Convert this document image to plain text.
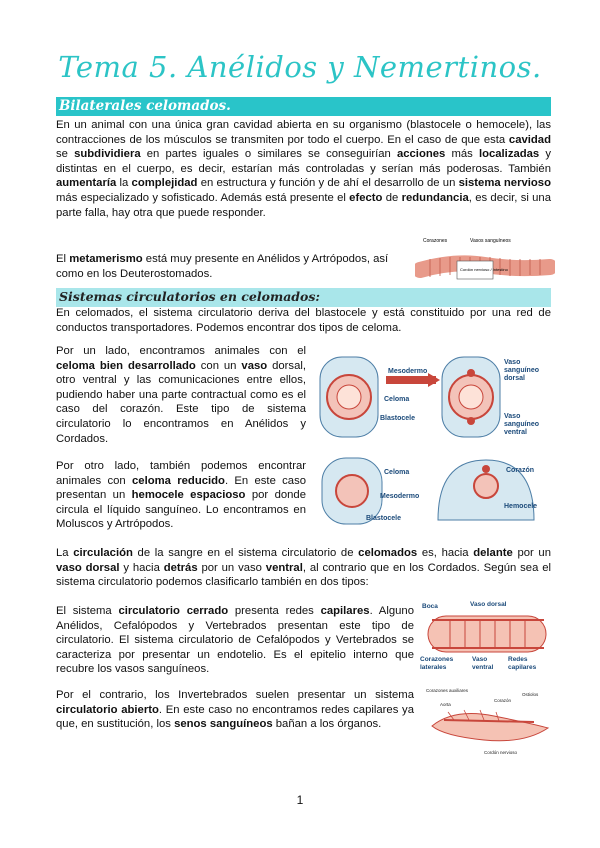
Tema 5. Anélidos y Nemertinos.
Bilaterales celomados.
En un animal con una única gran cavidad abierta en su organismo (blastocele o hemocele), las contracciones de los músculos se transmiten por todo el cuerpo. En el caso de que esta cavidad se subdividiera en partes iguales o similares se conseguirían acciones más localizadas y distintas en el cuerpo, es decir, estarían más controladas y serían más poderosas. También aumentaría la complejidad en estructura y función y de ahí el desarrollo de un sistema nervioso más especializado y sofisticado. Además está presente el efecto de redundancia, es decir, si una parte falla, hay otra que puede responder.
El metamerismo está muy presente en Anélidos y Artrópodos, así como en los Deuterostomados.
Corazones	Vasos sanguíneos
Cordón nervioso / Intestino
Sistemas circulatorios en celomados:
En celomados, el sistema circulatorio deriva del blastocele y está constituido por una red de conductos transportadores. Podemos encontrar dos tipos de celoma.
Por un lado, encontramos animales con el celoma bien desarrollado con un vaso dorsal, otro ventral y las comunicaciones entre ellos, pudiendo haber una parte contractual como es el caso del corazón. Este tipo de sistema circulatorio lo encontramos en Anélidos y Cordados.
Mesodermo
Celoma
Blastocele
Vaso sanguíneo dorsal
Vaso sanguíneo ventral
Por otro lado, también podemos encontrar animales con celoma reducido. En este caso presentan un hemocele espacioso por donde circula el líquido sanguíneo. Lo encontramos en Moluscos y Artrópodos.
Celoma
Mesodermo
Blastocele
Corazón
Hemocele
La circulación de la sangre en el sistema circulatorio de celomados es, hacia delante por un vaso dorsal y hacia detrás por un vaso ventral, al contrario que en los Cordados. Según sea el sistema circulatorio podemos clasificarlo también en dos tipos:
El sistema circulatorio cerrado presenta redes capilares. Alguno Anélidos, Cefalópodos y Vertebrados presentan este tipo de circulatorio. El sistema circulatorio de Cefalópodos y Vertebrados se caracteriza por presentar un endotelio. Es el epitelio interno que recubre los vasos sanguíneos.
Boca	Vaso dorsal
Corazones laterales
Vaso ventral
Redes capilares
Por el contrario, los Invertebrados suelen presentar un sistema circulatorio abierto. En este caso no encontramos redes capilares ya que, en sustitución, los senos sanguíneos bañan a los órganos.
Corazones auxiliares
Aorta
Corazón
Ostiolos
Cordón nervioso
1
